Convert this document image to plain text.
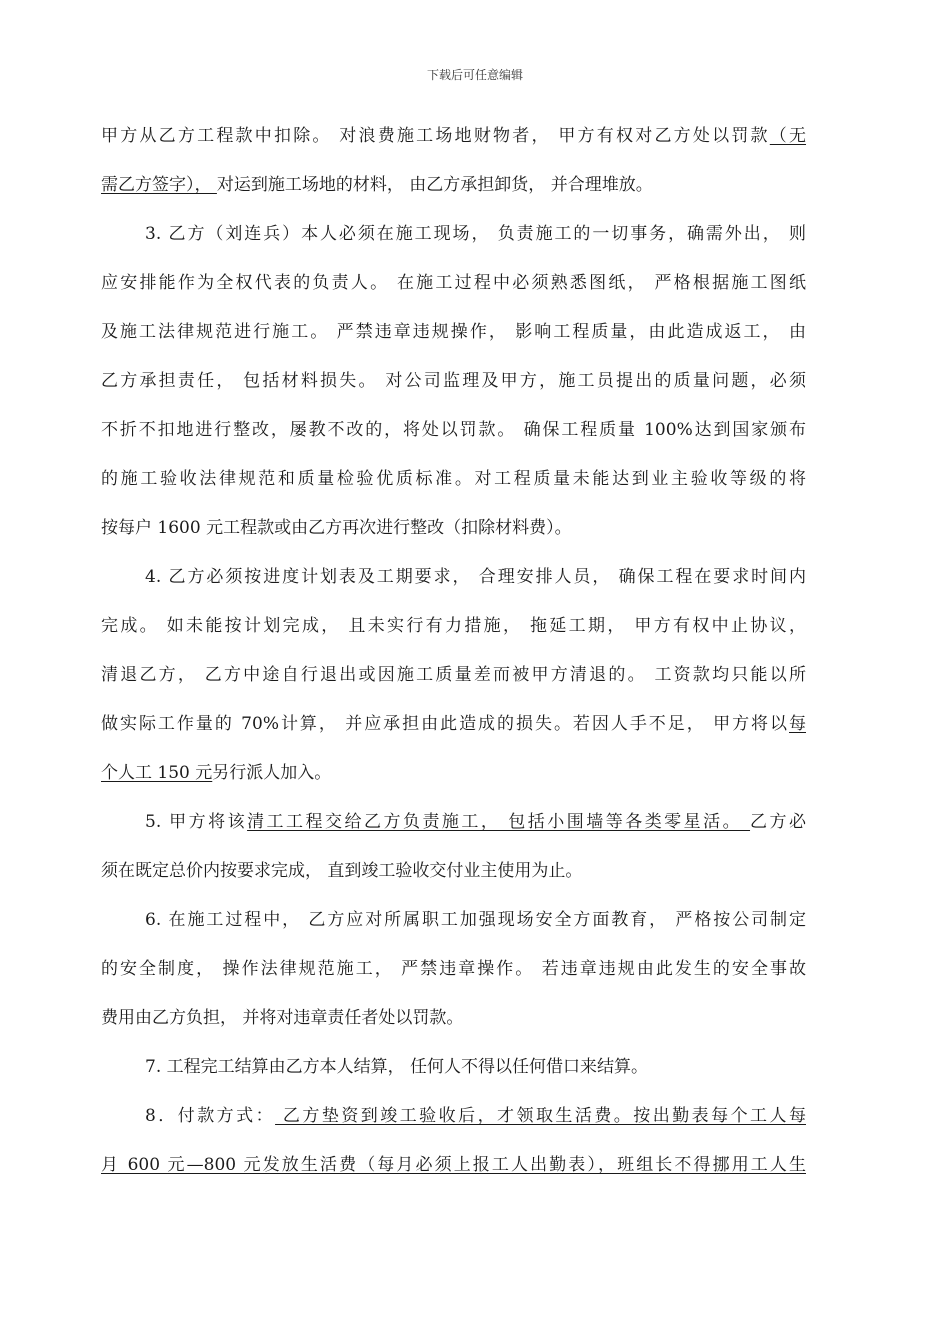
下载后可任意编辑
甲方从乙方工程款中扣除。 对浪费施工场地财物者， 甲方有权对乙方处以罚款（无
需乙方签字）， 对运到施工场地的材料， 由乙方承担卸货， 并合理堆放。
3. 乙方（刘连兵）本人必须在施工现场， 负责施工的一切事务，确需外出， 则
应安排能作为全权代表的负责人。 在施工过程中必须熟悉图纸， 严格根据施工图纸
及施工法律规范进行施工。 严禁违章违规操作， 影响工程质量，由此造成返工， 由
乙方承担责任， 包括材料损失。 对公司监理及甲方，施工员提出的质量问题，必须
不折不扣地进行整改，屡教不改的，将处以罚款。 确保工程质量 100%达到国家颁布
的施工验收法律规范和质量检验优质标准。对工程质量未能达到业主验收等级的将
按每户 1600 元工程款或由乙方再次进行整改（扣除材料费）。
4. 乙方必须按进度计划表及工期要求， 合理安排人员， 确保工程在要求时间内
完成。 如未能按计划完成， 且未实行有力措施， 拖延工期， 甲方有权中止协议，
清退乙方， 乙方中途自行退出或因施工质量差而被甲方清退的。 工资款均只能以所
做实际工作量的 70%计算， 并应承担由此造成的损失。若因人手不足， 甲方将以每
个人工 150 元另行派人加入。
5. 甲方将该清工工程交给乙方负责施工， 包括小围墙等各类零星活。 乙方必
须在既定总价内按要求完成， 直到竣工验收交付业主使用为止。
6. 在施工过程中， 乙方应对所属职工加强现场安全方面教育， 严格按公司制定
的安全制度， 操作法律规范施工， 严禁违章操作。 若违章违规由此发生的安全事故
费用由乙方负担， 并将对违章责任者处以罚款。
7. 工程完工结算由乙方本人结算， 任何人不得以任何借口来结算。
8．付款方式： 乙方垫资到竣工验收后，才领取生活费。按出勤表每个工人每
月 600 元—800 元发放生活费（每月必须上报工人出勤表），班组长不得挪用工人生
